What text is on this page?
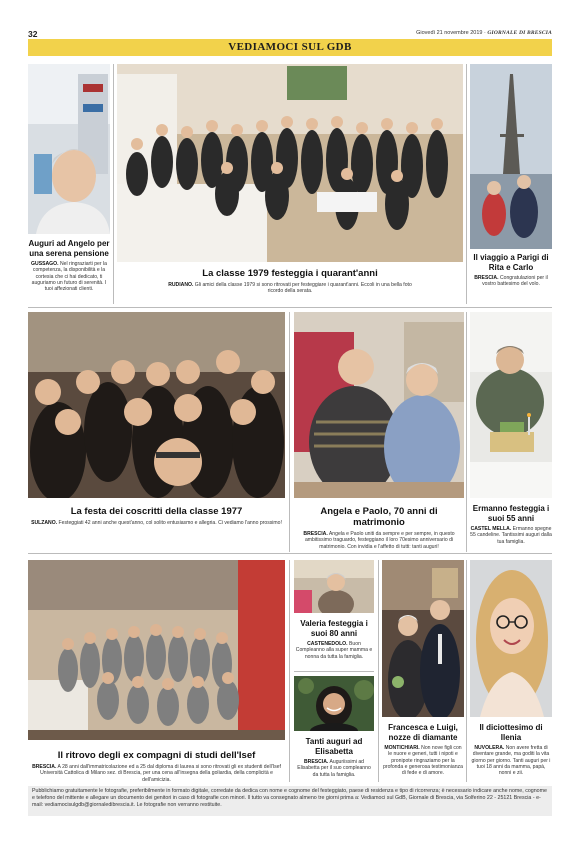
32	Giovedì 21 novembre 2019 · GIORNALE DI BRESCIA
VEDIAMOCI SUL GDB
Auguri ad Angelo per una serena pensione
GUSSAGO. Nel ringraziarti per la competenza, la disponibilità e la cortesia che ci hai dedicato, ti auguriamo un futuro di serenità. I tuoi affezionati clienti.
La classe 1979 festeggia i quarant'anni
RUDIANO. Gli amici della classe 1979 si sono ritrovati per festeggiare i quarant'anni. Eccoli in una bella foto ricordo della serata.
Il viaggio a Parigi di Rita e Carlo
BRESCIA. Congratulazioni per il vostro battesimo del volo.
La festa dei coscritti della classe 1977
SULZANO. Festeggiati 42 anni anche quest'anno, col solito entusiasmo e allegria. Ci vediamo l'anno prossimo!
Angela e Paolo, 70 anni di matrimonio
BRESCIA. Angela e Paolo uniti da sempre e per sempre, in questo ambitissimo traguardo, festeggiano il loro 70esimo anniversario di matrimonio. Con invidia e l'affetto di tutti: tanti auguri!
Ermanno festeggia i suoi 55 anni
CASTEL MELLA. Ermanno spegne 55 candeline. Tantissimi auguri dalla tua famiglia.
Il ritrovo degli ex compagni di studi dell'Isef
BRESCIA. A 28 anni dall'immatricolazione ed a 25 dal diploma di laurea si sono ritrovati gli ex studenti dell'Isef Università Cattolica di Milano sez. di Brescia, per una cena all'insegna della goliardia, della complicità e dell'amicizia.
Valeria festeggia i suoi 80 anni
CASTENEDOLO. Buon Compleanno alla super mamma e nonna da tutta la famiglia.
Tanti auguri ad Elisabetta
BRESCIA. Auguriissimi ad Elisabetta per il suo compleanno da tutta la famiglia.
Francesca e Luigi, nozze di diamante
MONTICHIARI. Non nove figli con le nuore e generi, tutti i nipoti e pronipote ringraziamo per la profonda e generosa testimonianza di fede e di amore.
Il diciottesimo di Ilenia
NUVOLERA. Non avere fretta di diventare grande, ma goditi la vita giorno per giorno. Tanti auguri per i tuoi 18 anni da mamma, papà, nonni e zii.
Pubblichiamo gratuitamente le fotografie, preferibilmente in formato digitale, corredate da dedica con nome e cognome del festeggiato, paese di residenza e tipo di ricorrenza; è necessario indicare anche nome, cognome e telefono del mittente e allegare un documento dei genitori in caso di fotografie con minori. Il tutto va consegnato almeno tre giorni prima a: Vediamoci sul GdB, Giornale di Brescia, via Solferino 22 - 25121 Brescia - e-mail: vediamocisulgdb@giornaledibrescia.it. Le fotografie non verranno restituite.
